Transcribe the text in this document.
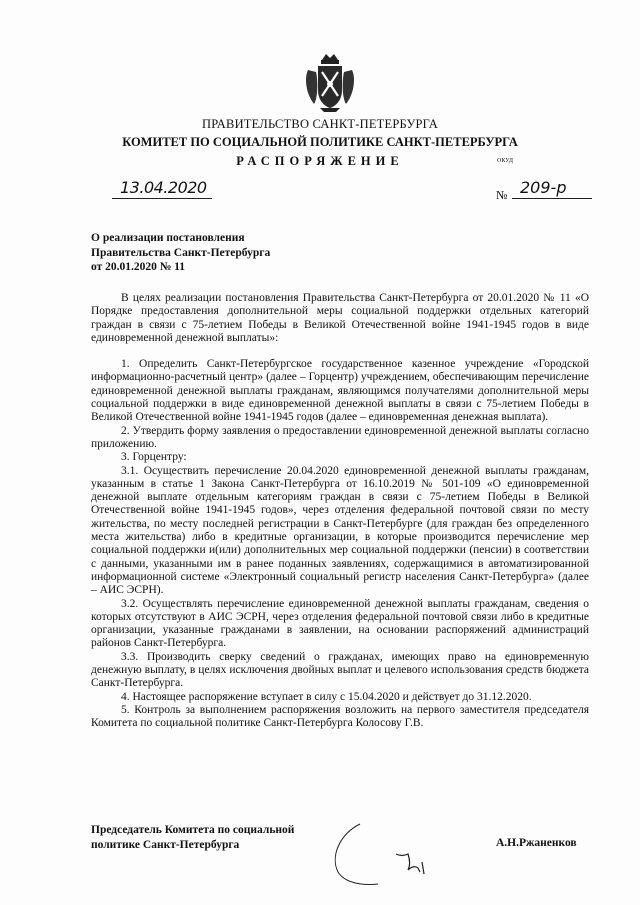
ПРАВИТЕЛЬСТВО САНКТ-ПЕТЕРБУРГА
КОМИТЕТ ПО СОЦИАЛЬНОЙ ПОЛИТИКЕ САНКТ-ПЕТЕРБУРГА
РАСПОРЯЖЕНИЕ	ОКУД
13.04.2020	№ 209-р
О реализации постановления
Правительства Санкт-Петербурга
от 20.01.2020 № 11

В целях реализации постановления Правительства Санкт-Петербурга от 20.01.2020 № 11 «О Порядке предоставления дополнительной меры социальной поддержки отдельных категорий граждан в связи с 75-летием Победы в Великой Отечественной войне 1941-1945 годов в виде единовременной денежной выплаты»:

1. Определить Санкт-Петербургское государственное казенное учреждение «Городской информационно-расчетный центр» (далее – Горцентр) учреждением, обеспечивающим перечисление единовременной денежной выплаты гражданам, являющимся получателями дополнительной меры социальной поддержки в виде единовременной денежной выплаты в связи с 75-летием Победы в Великой Отечественной войне 1941-1945 годов (далее – единовременная денежная выплата).

2. Утвердить форму заявления о предоставлении единовременной денежной выплаты согласно приложению.

3. Горцентру:

3.1. Осуществить перечисление 20.04.2020 единовременной денежной выплаты гражданам, указанным в статье 1 Закона Санкт-Петербурга от 16.10.2019 № 501-109 «О единовременной денежной выплате отдельным категориям граждан в связи с 75-летием Победы в Великой Отечественной войне 1941-1945 годов», через отделения федеральной почтовой связи по месту жительства, по месту последней регистрации в Санкт-Петербурге (для граждан без определенного места жительства) либо в кредитные организации, в которые производится перечисление мер социальной поддержки и(или) дополнительных мер социальной поддержки (пенсии) в соответствии с данными, указанными им в ранее поданных заявлениях, содержащимися в автоматизированной информационной системе «Электронный социальный регистр населения Санкт-Петербурга» (далее – АИС ЭСРН).

3.2. Осуществлять перечисление единовременной денежной выплаты гражданам, сведения о которых отсутствуют в АИС ЭСРН, через отделения федеральной почтовой связи либо в кредитные организации, указанные гражданами в заявлении, на основании распоряжений администраций районов Санкт-Петербурга.

3.3. Производить сверку сведений о гражданах, имеющих право на единовременную денежную выплату, в целях исключения двойных выплат и целевого использования средств бюджета Санкт-Петербурга.

4. Настоящее распоряжение вступает в силу с 15.04.2020 и действует до 31.12.2020.

5. Контроль за выполнением распоряжения возложить на первого заместителя председателя Комитета по социальной политике Санкт-Петербурга Колосову Г.В.

Председатель Комитета по социальной
политике Санкт-Петербурга	А.Н.Ржаненков
